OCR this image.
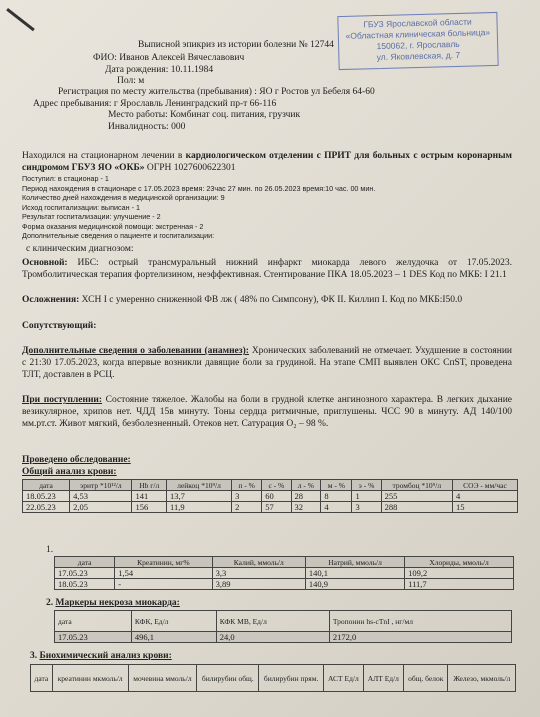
ГБУЗ Ярославской области
«Областная клиническая больница»
150062, г. Ярославль
ул. Яковлевская, д. 7
Выписной эпикриз из истории болезни № 12744
ФИО: Иванов Алексей Вячеславович
Дата рождения: 10.11.1984
Пол: м
Регистрация по месту жительства (пребывания) : ЯО г Ростов ул Бебеля 64-60
Адрес пребывания: г Ярославль Ленинградский пр-т 66-116
Место работы: Комбинат соц. питания, грузчик
Инвалидность: 000
Находился на стационарном лечении в кардиологическом отделении с ПРИТ для больных с острым коронарным синдромом ГБУЗ ЯО «ОКБ» ОГРН 1027600622301
Поступил: в стационар - 1
Период нахождения в стационаре с 17.05.2023 время: 23час 27 мин. по 26.05.2023 время:10 час. 00 мин.
Количество дней нахождения в медицинской организации: 9
Исход госпитализации: выписан - 1
Результат госпитализации: улучшение - 2
Форма оказания медицинской помощи: экстренная - 2
Дополнительные сведения о пациенте и госпитализации:
с клиническим диагнозом:
Основной: ИБС: острый трансмуральный нижний инфаркт миокарда левого желудочка от 17.05.2023. Тромболитическая терапия фортелизином, неэффективная. Стентирование ПКА 18.05.2023 – 1 DES Код по МКБ: I 21.1
Осложнения: ХСН I с умеренно сниженной ФВ лж ( 48% по Симпсону), ФК II. Киллип I. Код по МКБ:I50.0
Сопутствующий:
Дополнительные сведения о заболевании (анамнез): Хронических заболеваний не отмечает. Ухудшение в состоянии с 21:30 17.05.2023, когда впервые возникли давящие боли за грудиной. На этапе СМП выявлен ОКС СпST, проведена ТЛТ, доставлен в РСЦ.
При поступлении: Состояние тяжелое. Жалобы на боли в грудной клетке ангинозного характера. В легких дыхание везикулярное, хрипов нет. ЧДД 15в минуту. Тоны сердца ритмичные, приглушены. ЧСС 90 в минуту. АД 140/100 мм.рт.ст. Живот мягкий, безболезненный. Отеков нет. Сатурация O₂ – 98 %.
Проведено обследование:
Общий анализ крови:
дата	эритр *10¹²/л	Hb г/л	лейкоц *10⁹/л	п - %	с - %	л - %	м - %	э - %	тромбоц *10⁹/л	СОЭ - мм/час
18.05.23	4,53	141	13,7	3	60	28	8	1	255	4
22.05.23	2,05	156	11,9	2	57	32	4	3	288	15
1.
дата	Креатинин, мг%	Калий, ммоль/л	Натрий, ммоль/л	Хлориды, ммоль/л
17.05.23	1,54	3,3	140,1	109,2
18.05.23	-	3,89	140,9	111,7
2. Маркеры некроза миокарда:
дата	КФК, Ед/л	КФК МВ, Ед/л	Тропонин hs-cTnI , нг/мл
17.05.23	496,1	24,0	2172,0
3. Биохимический анализ крови:
дата	креатинин мкмоль/л	мочевина ммоль/л	билирубин общ.	билирубин прям.	АСТ Ед/л	АЛТ Ед/л	общ. белок	Железо, мкмоль/л
